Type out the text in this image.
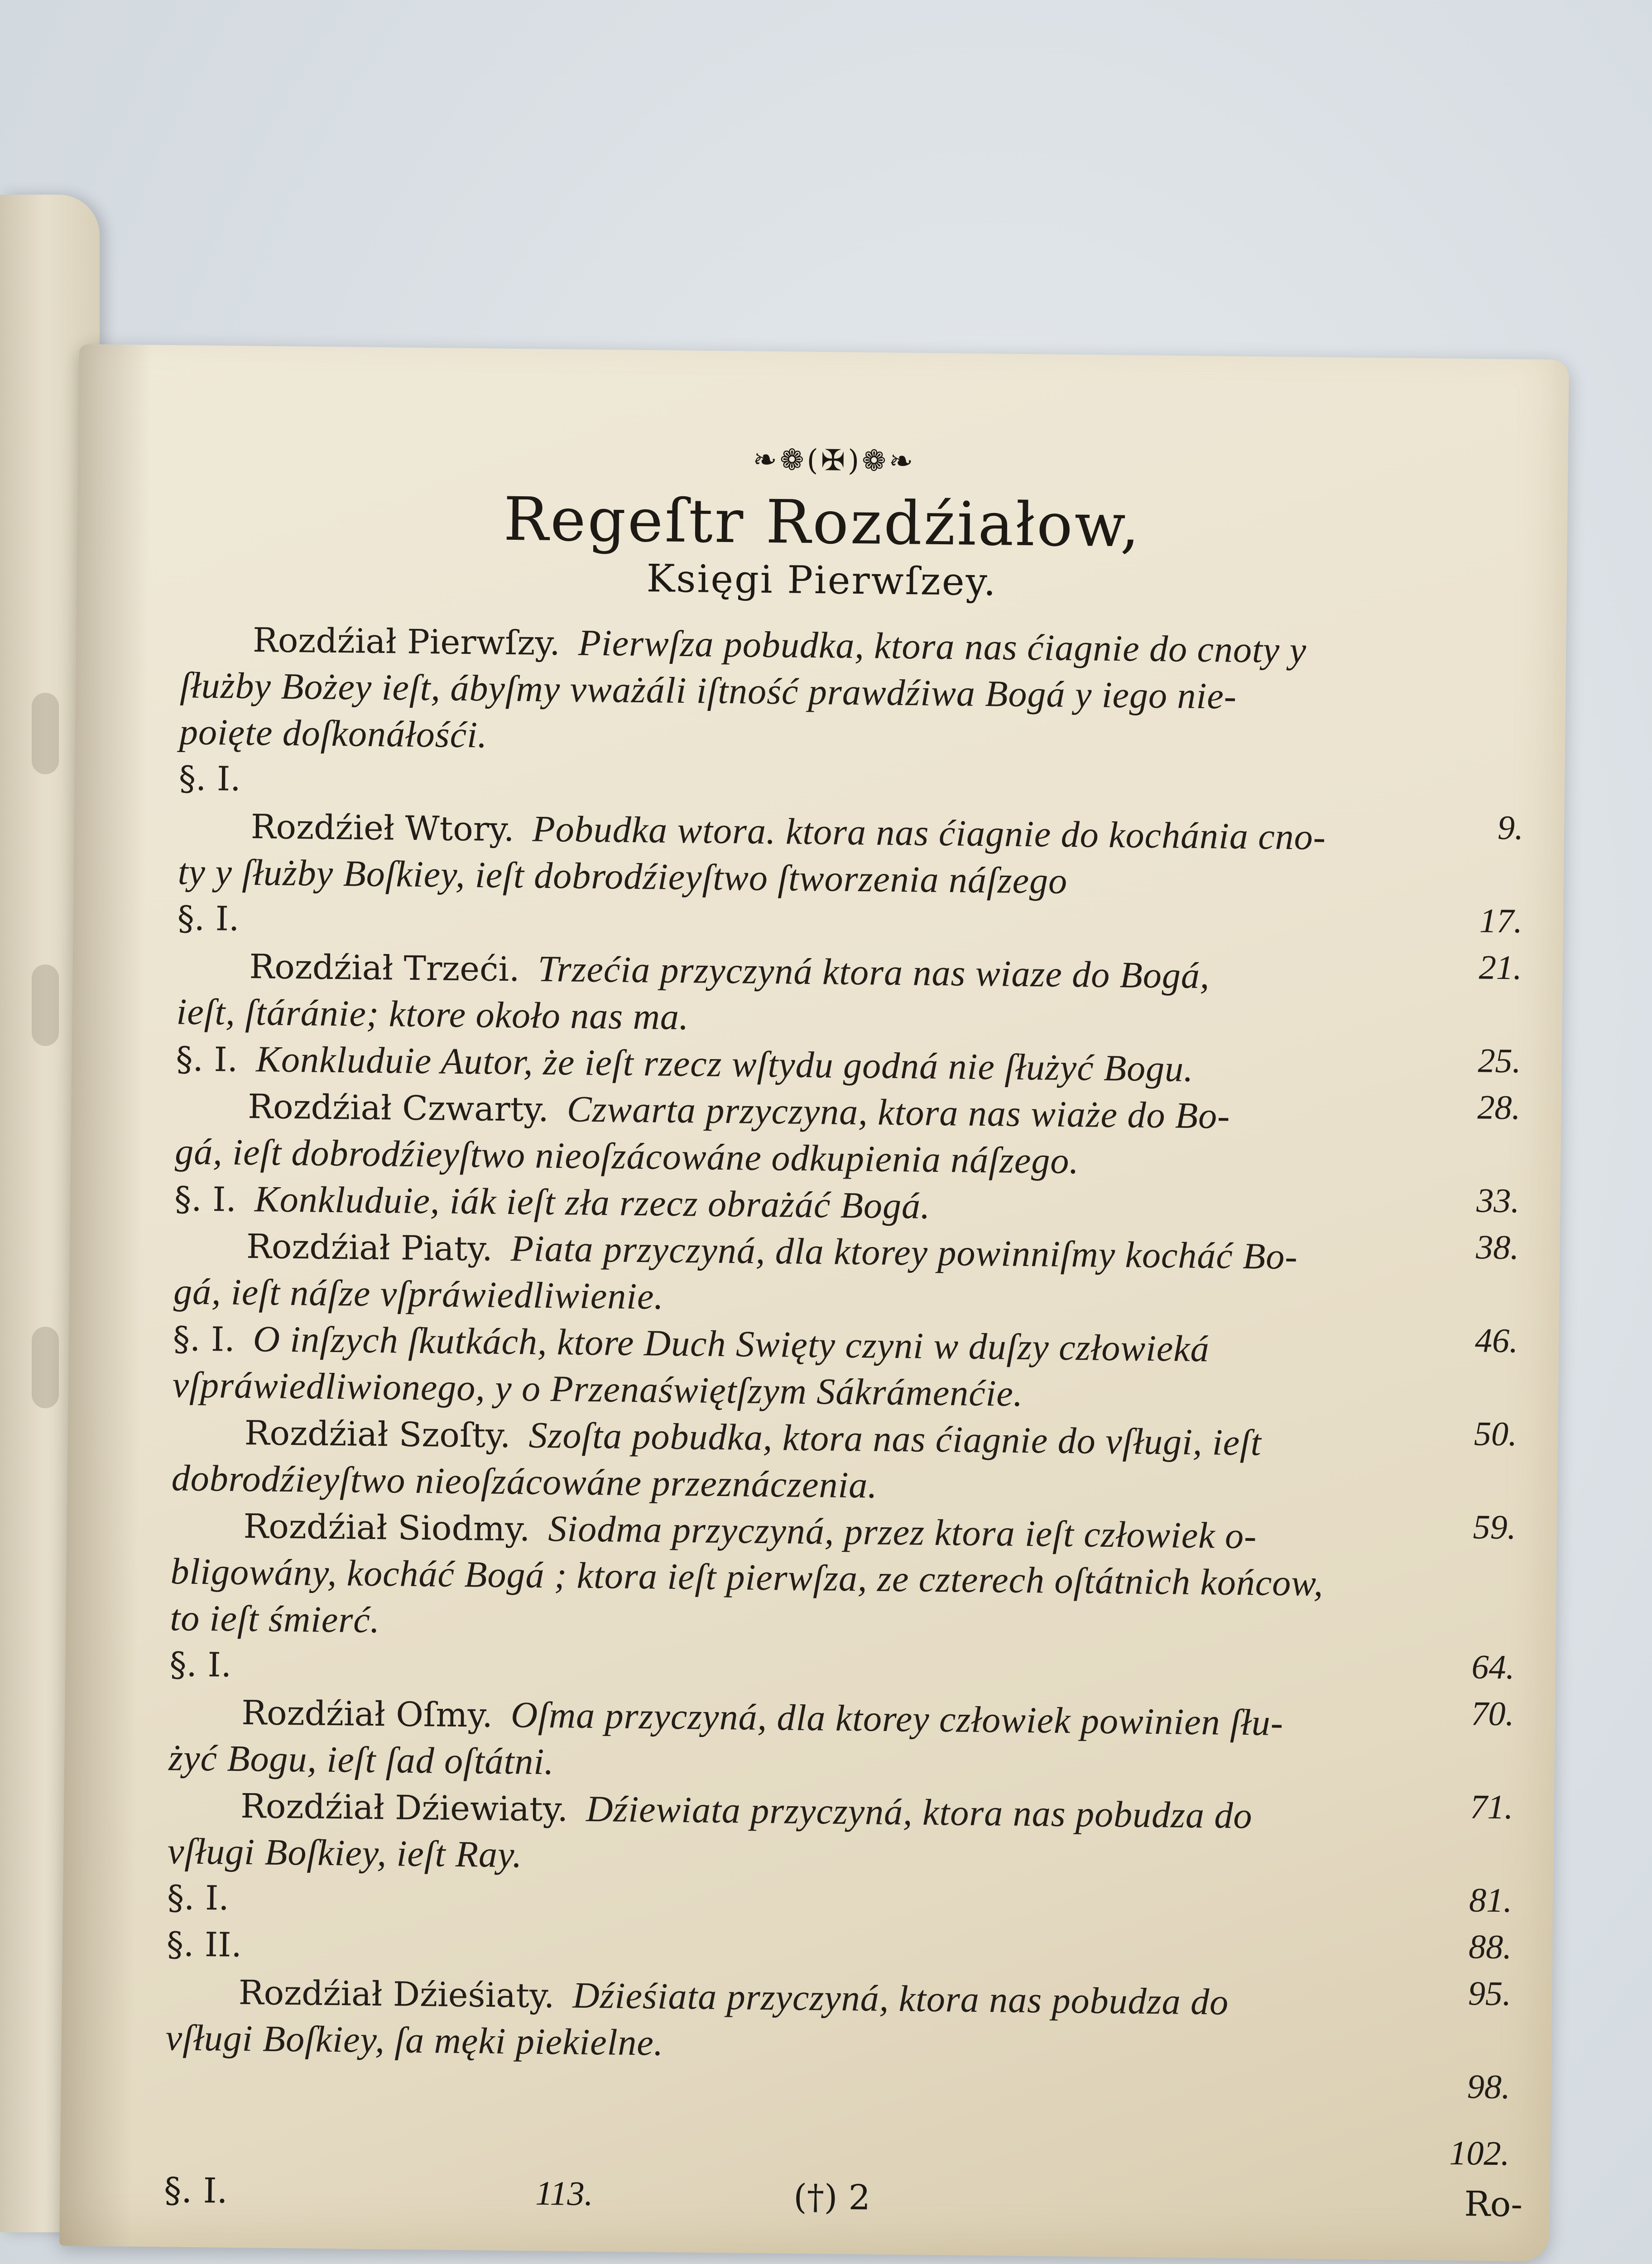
❧❁(✠)❁❧
Regeſtr Rozdźiałow,
Księgi Pierwſzey.
Rozdźiał Pierwſzy. Pierwſza pobudka, ktora nas ćiagnie do cnoty y
ſłużby Bożey ieſt, ábyſmy vważáli iſtność prawdźiwa Bogá y iego nie-
poięte doſkonáłośći.
§. I.
9.
Rozdźieł Wtory. Pobudka wtora. ktora nas ćiagnie do kochánia cno-
ty y ſłużby Boſkiey, ieſt dobrodźieyſtwo ſtworzenia náſzego
17.
§. I.
21.
Rozdźiał Trzeći. Trzećia przyczyná ktora nas wiaze do Bogá,
ieſt, ſtáránie; ktore około nas ma.
25.
§. I. Konkluduie Autor, że ieſt rzecz wſtydu godná nie ſłużyć Bogu.
28.
Rozdźiał Czwarty. Czwarta przyczyna, ktora nas wiaże do Bo-
gá, ieſt dobrodźieyſtwo nieoſzácowáne odkupienia náſzego.
33.
§. I. Konkluduie, iák ieſt zła rzecz obrażáć Bogá.
38.
Rozdźiał Piaty. Piata przyczyná, dla ktorey powinniſmy kocháć Bo-
gá, ieſt náſze vſpráwiedliwienie.
46.
§. I. O inſzych ſkutkách, ktore Duch Swięty czyni w duſzy człowieká
vſpráwiedliwionego, y o Przenaświętſzym Sákrámenćie.
50.
Rozdźiał Szoſty. Szoſta pobudka, ktora nas ćiagnie do vſługi, ieſt
dobrodźieyſtwo nieoſzácowáne przeznáczenia.
59.
Rozdźiał Siodmy. Siodma przyczyná, przez ktora ieſt człowiek o-
bligowány, kocháć Bogá ; ktora ieſt pierwſza, ze czterech oſtátnich końcow,
to ieſt śmierć.
64.
§. I.
70.
Rozdźiał Oſmy. Oſma przyczyná, dla ktorey człowiek powinien ſłu-
żyć Bogu, ieſt ſad oſtátni.
71.
Rozdźiał Dźiewiaty. Dźiewiata przyczyná, ktora nas pobudza do
vſługi Boſkiey, ieſt Ray.
81.
§. I.
88.
§. II.
95.
Rozdźiał Dźieśiaty. Dźieśiata przyczyná, ktora nas pobudza do
vſługi Boſkiey, ſa męki piekielne.
98.
§. I.	113.	(†) 2
102.
Ro-
